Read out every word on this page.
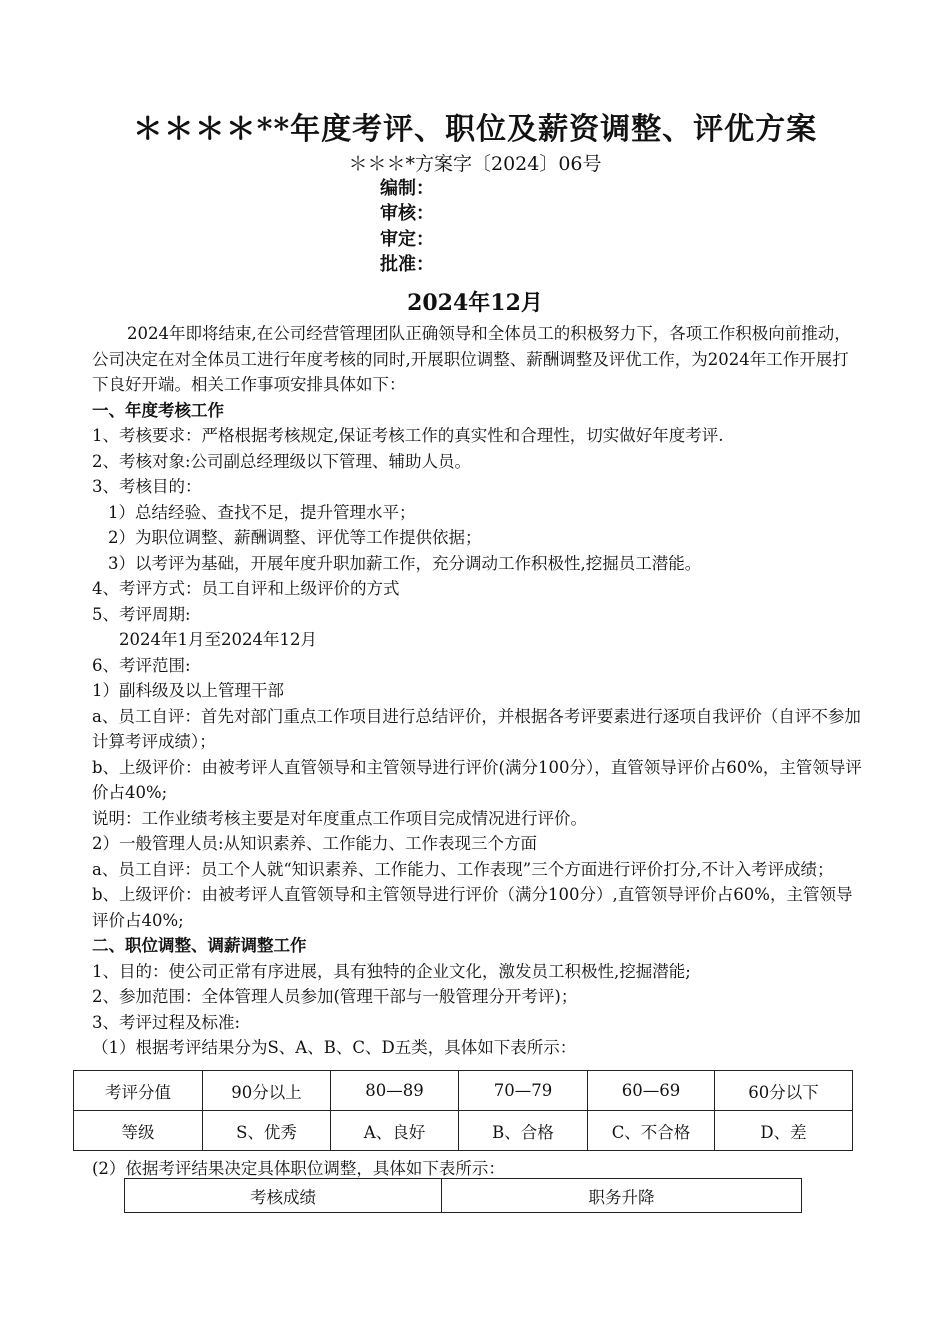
＊＊＊＊**年度考评、职位及薪资调整、评优方案
＊＊＊*方案字〔2024〕06号
编制：
审核：
审定：
批准：
2024年12月

2024年即将结束,在公司经营管理团队正确领导和全体员工的积极努力下，各项工作积极向前推动，公司决定在对全体员工进行年度考核的同时,开展职位调整、薪酬调整及评优工作，为2024年工作开展打下良好开端。相关工作事项安排具体如下：

一、年度考核工作

1、考核要求：严格根据考核规定,保证考核工作的真实性和合理性，切实做好年度考评.

2、考核对象:公司副总经理级以下管理、辅助人员。

3、考核目的：

1）总结经验、查找不足，提升管理水平；

2）为职位调整、薪酬调整、评优等工作提供依据；

3）以考评为基础，开展年度升职加薪工作，充分调动工作积极性,挖掘员工潜能。

4、考评方式：员工自评和上级评价的方式

5、考评周期:

2024年1月至2024年12月

6、考评范围:

1）副科级及以上管理干部

a、员工自评：首先对部门重点工作项目进行总结评价，并根据各考评要素进行逐项自我评价（自评不参加计算考评成绩）；

b、上级评价：由被考评人直管领导和主管领导进行评价(满分100分），直管领导评价占60%，主管领导评价占40%;

说明：工作业绩考核主要是对年度重点工作项目完成情况进行评价。

2）一般管理人员:从知识素养、工作能力、工作表现三个方面

a、员工自评：员工个人就“知识素养、工作能力、工作表现”三个方面进行评价打分,不计入考评成绩；

b、上级评价：由被考评人直管领导和主管领导进行评价（满分100分）,直管领导评价占60%，主管领导评价占40%;

二、职位调整、调薪调整工作

1、目的：使公司正常有序进展，具有独特的企业文化，激发员工积极性,挖掘潜能;

2、参加范围：全体管理人员参加(管理干部与一般管理分开考评)；

3、考评过程及标准:

（1）根据考评结果分为S、A、B、C、D五类，具体如下表所示：

考评分值	90分以上	80—89	70—79	60—69	60分以下
等级	S、优秀	A、良好	B、合格	C、不合格	D、差
(2）依据考评结果决定具体职位调整，具体如下表所示：
考核成绩	职务升降
